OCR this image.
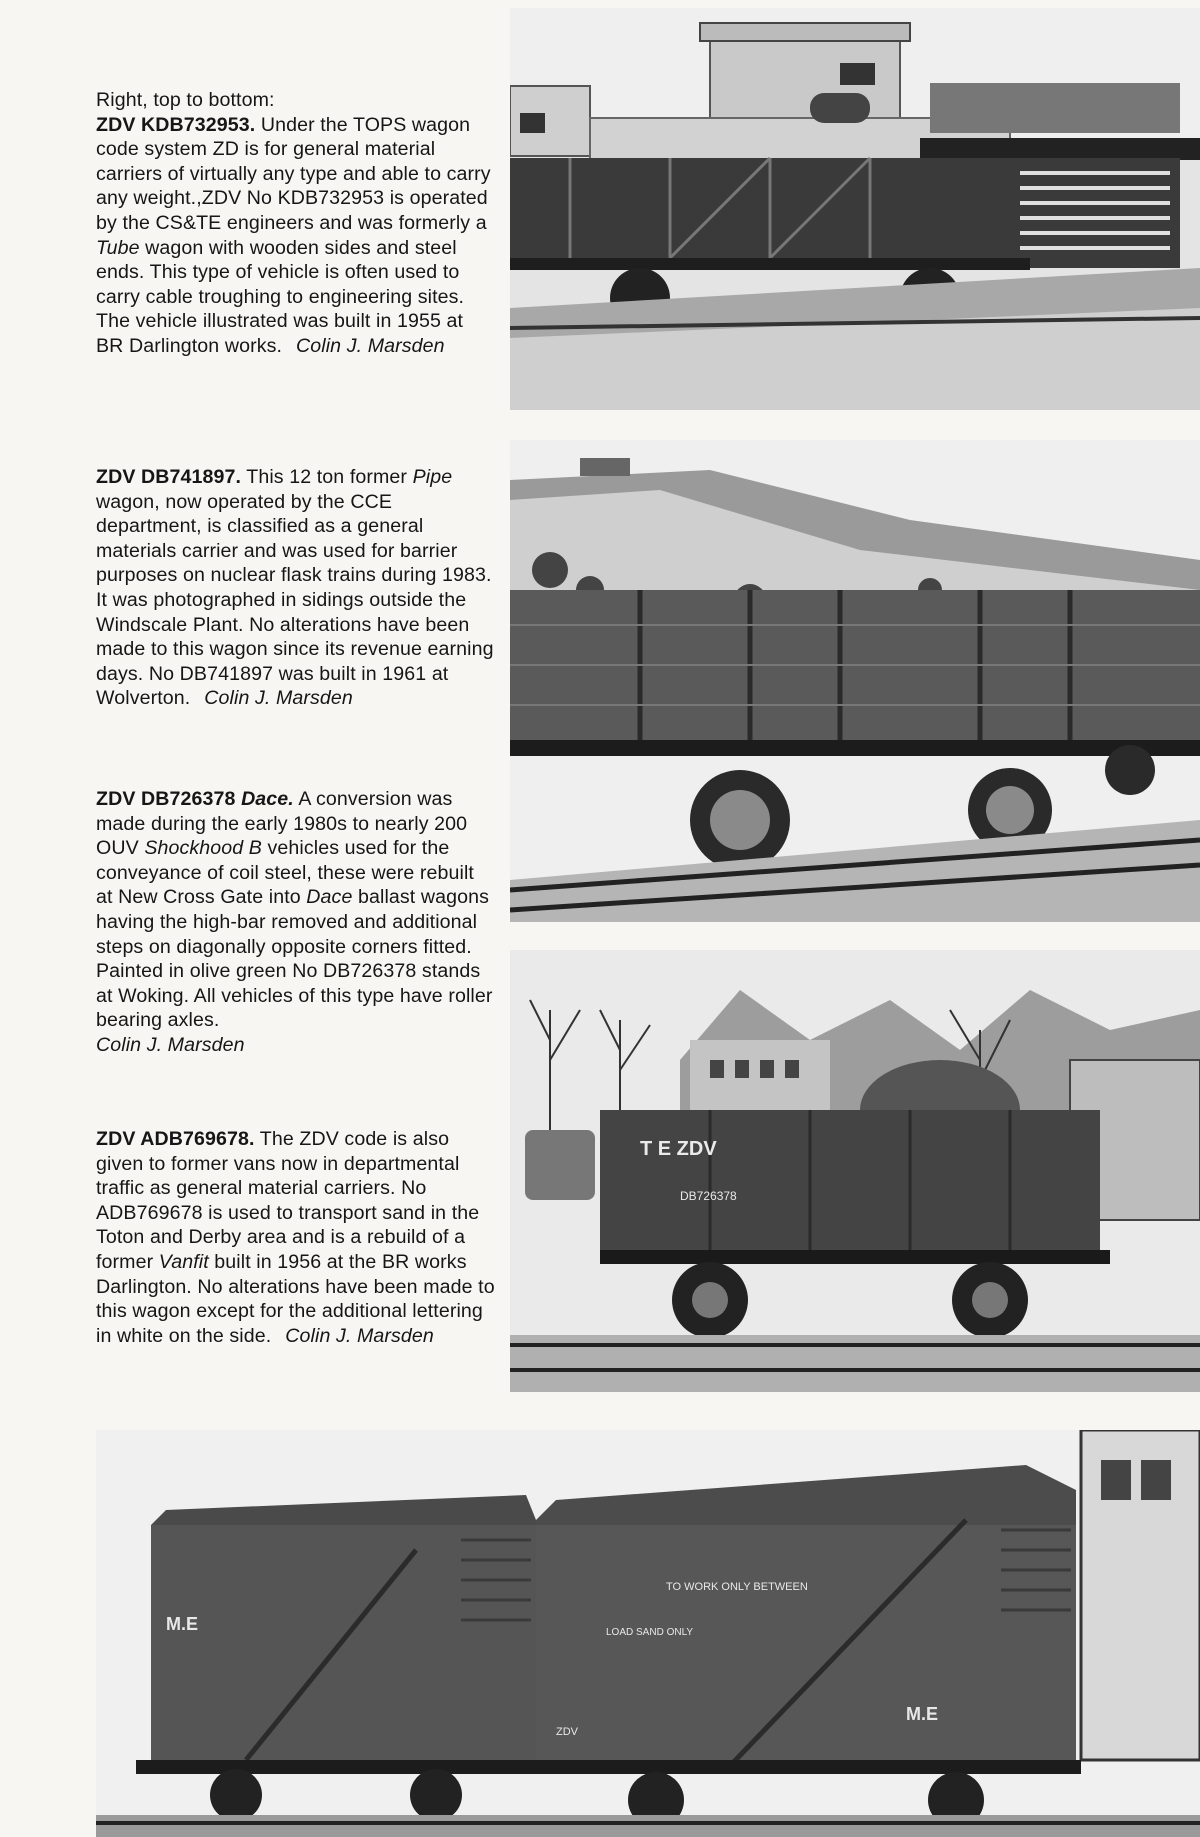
Right, top to bottom:

ZDV KDB732953. Under the TOPS wagon code system ZD is for general material carriers of virtually any type and able to carry any weight.,ZDV No KDB732953 is operated by the CS&TE engineers and was formerly a Tube wagon with wooden sides and steel ends. This type of vehicle is often used to carry cable troughing to engineering sites. The vehicle illustrated was built in 1955 at BR Darlington works. Colin J. Marsden

ZDV DB741897. This 12 ton former Pipe wagon, now operated by the CCE department, is classified as a general materials carrier and was used for barrier purposes on nuclear flask trains during 1983. It was photographed in sidings outside the Windscale Plant. No alterations have been made to this wagon since its revenue earning days. No DB741897 was built in 1961 at Wolverton. Colin J. Marsden

ZDV DB726378 Dace. A conversion was made during the early 1980s to nearly 200 OUV Shockhood B vehicles used for the conveyance of coil steel, these were rebuilt at New Cross Gate into Dace ballast wagons having the high-bar removed and additional steps on diagonally opposite corners fitted. Painted in olive green No DB726378 stands at Woking. All vehicles of this type have roller bearing axles.
Colin J. Marsden

ZDV ADB769678. The ZDV code is also given to former vans now in departmental traffic as general material carriers. No ADB769678 is used to transport sand in the Toton and Derby area and is a rebuild of a former Vanfit built in 1956 at the BR works Darlington. No alterations have been made to this wagon except for the additional lettering in white on the side. Colin J. Marsden

T E ZDV
DB726378
M.E
TO WORK ONLY BETWEEN
LOAD SAND ONLY
ZDV
M.E
